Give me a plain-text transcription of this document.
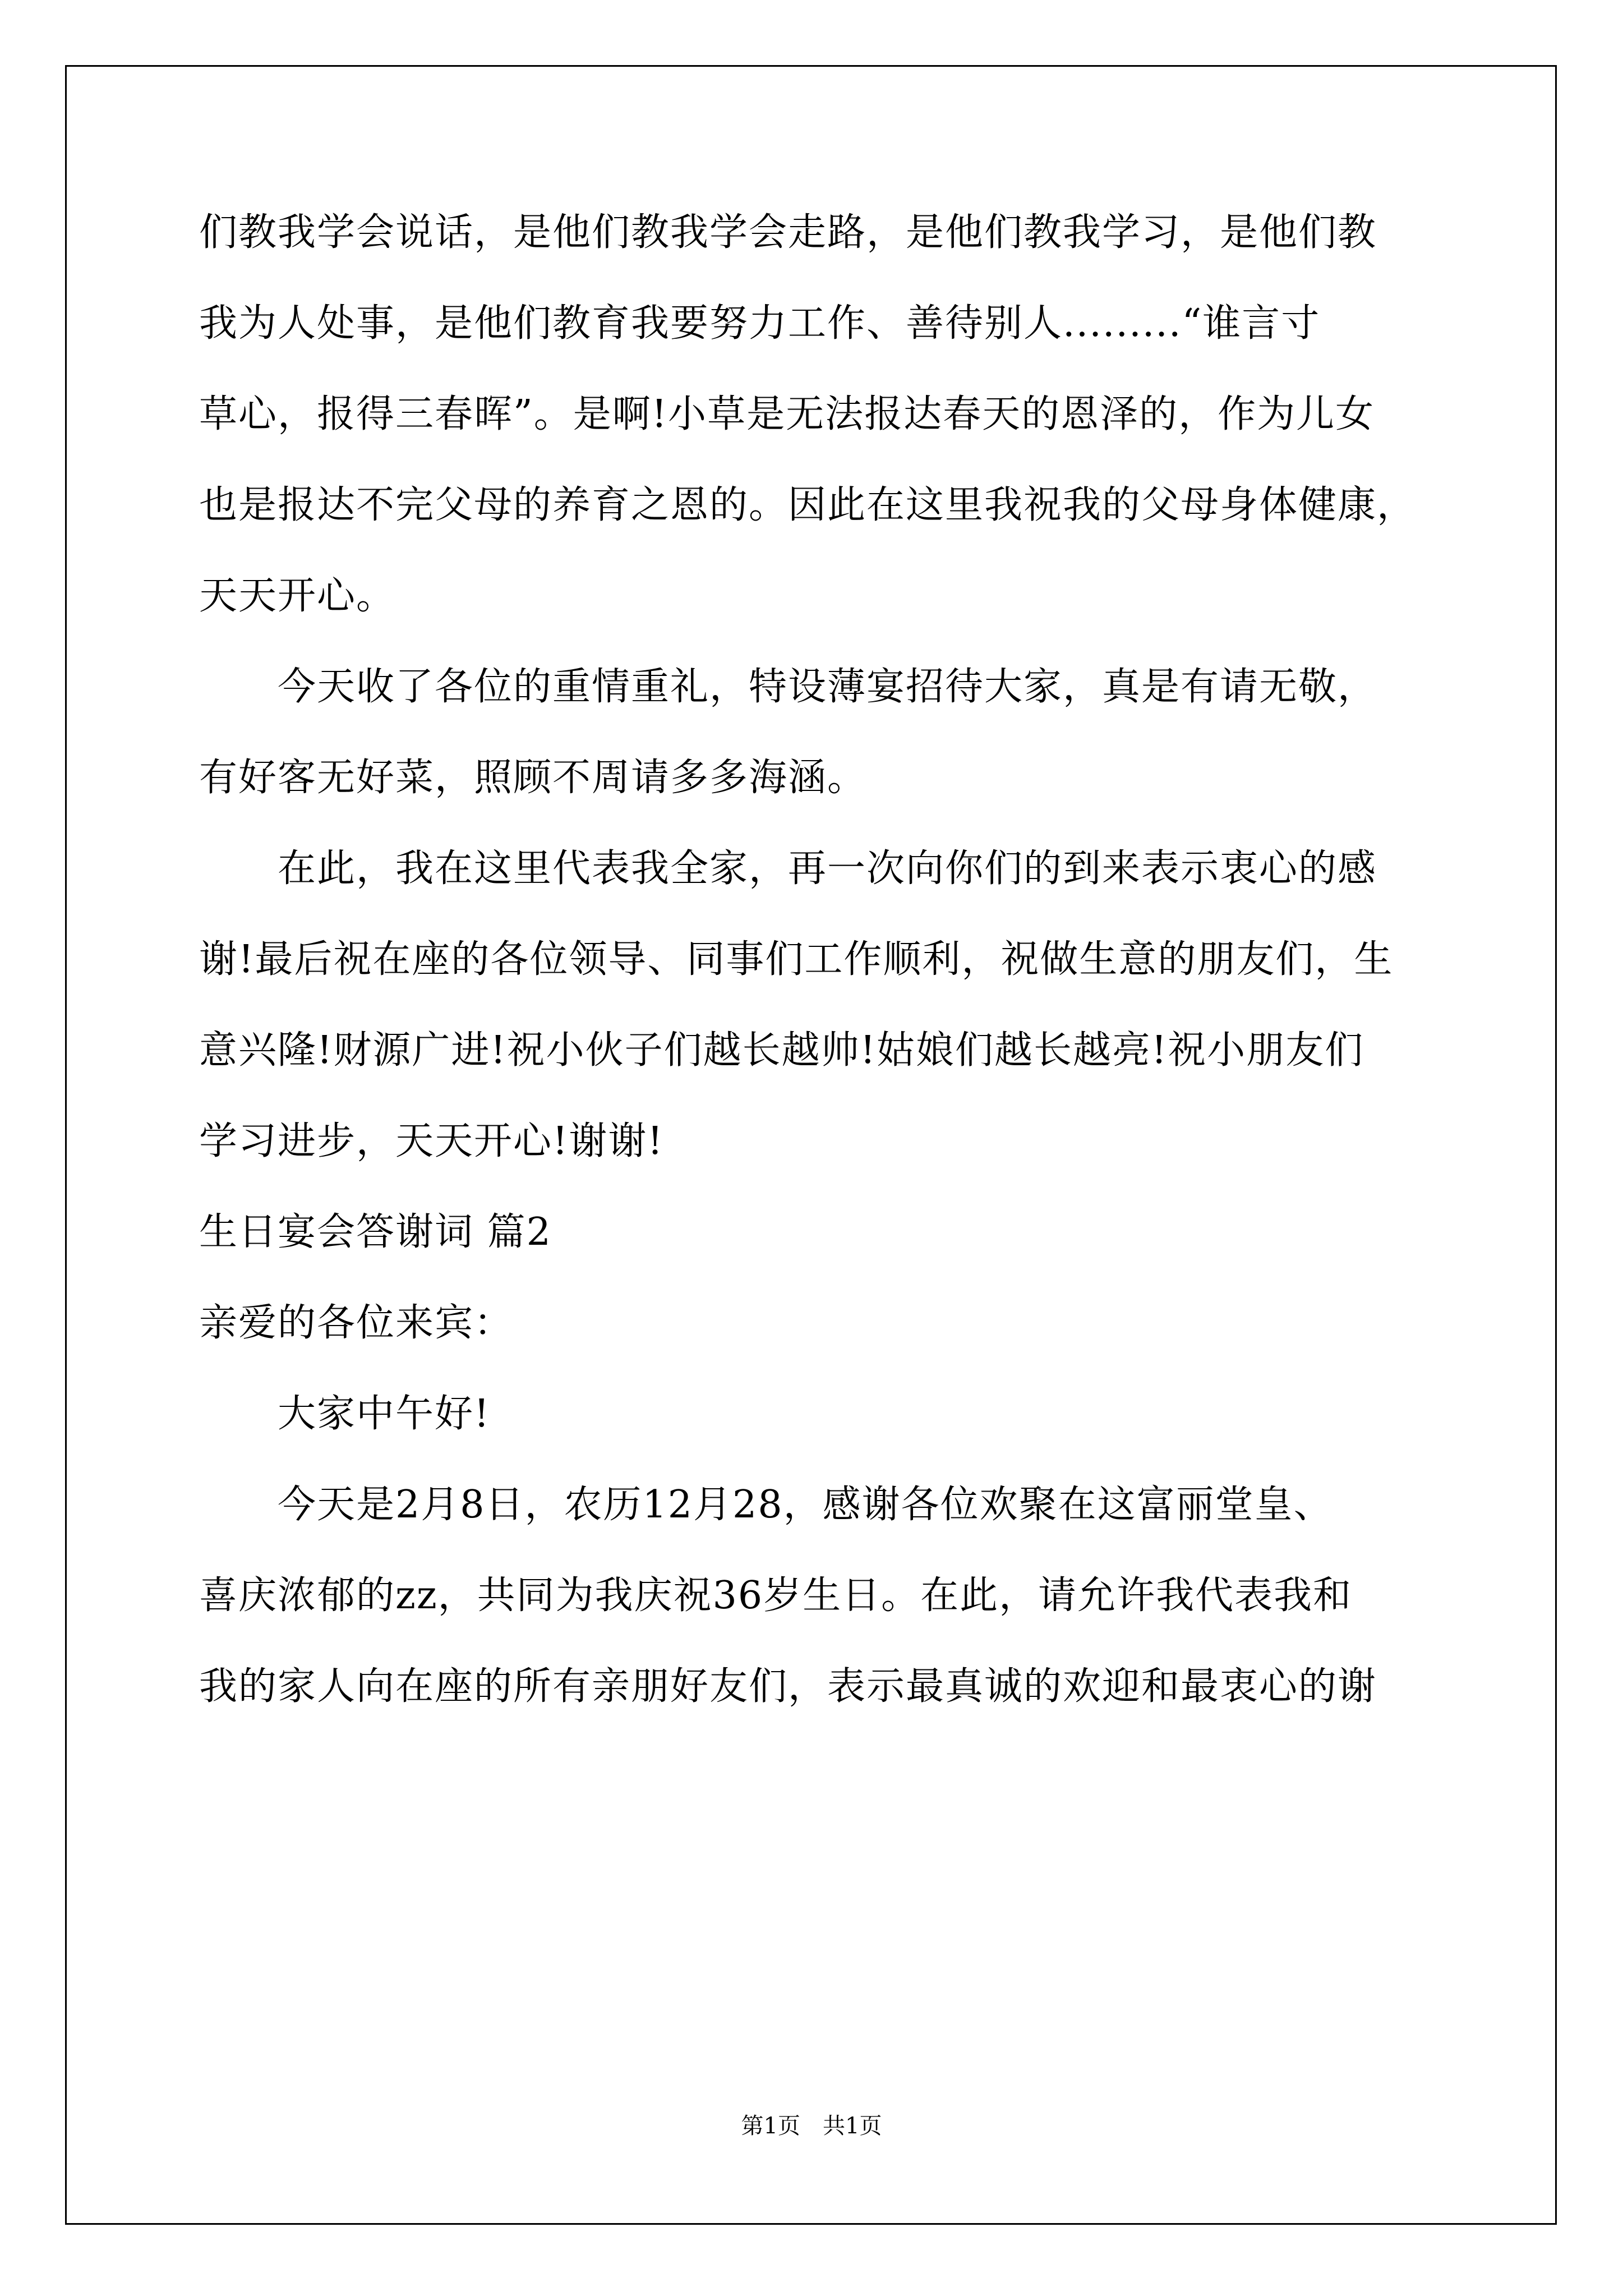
们教我学会说话，是他们教我学会走路，是他们教我学习，是他们教
我为人处事，是他们教育我要努力工作、善待别人.........“谁言寸
草心，报得三春晖”。是啊!小草是无法报达春天的恩泽的，作为儿女
也是报达不完父母的养育之恩的。因此在这里我祝我的父母身体健康，
天天开心。
　　今天收了各位的重情重礼，特设薄宴招待大家，真是有请无敬，
有好客无好菜，照顾不周请多多海涵。
　　在此，我在这里代表我全家，再一次向你们的到来表示衷心的感
谢!最后祝在座的各位领导、同事们工作顺利，祝做生意的朋友们，生
意兴隆!财源广进!祝小伙子们越长越帅!姑娘们越长越亮!祝小朋友们
学习进步，天天开心!谢谢!
生日宴会答谢词 篇2
亲爱的各位来宾：
　　大家中午好!
　　今天是2月8日，农历12月28，感谢各位欢聚在这富丽堂皇、
喜庆浓郁的zz，共同为我庆祝36岁生日。在此，请允许我代表我和
我的家人向在座的所有亲朋好友们，表示最真诚的欢迎和最衷心的谢
第1页　共1页
